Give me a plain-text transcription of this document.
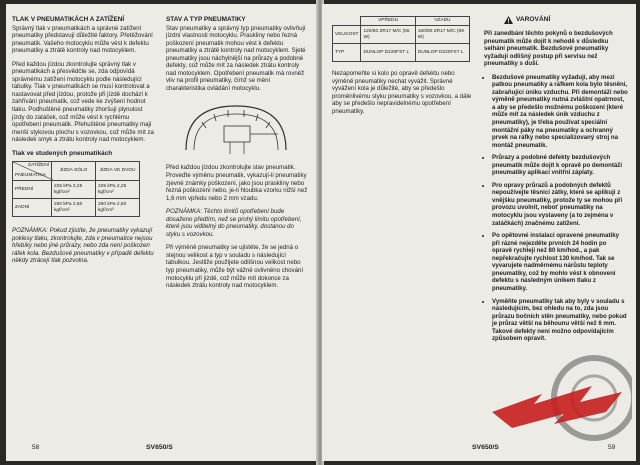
TLAK V PNEUMATIKÁCH A ZATÍŽENÍ

Správný tlak v pneumatikách a správné zatížení pneumatiky představují důležité faktory. Přetěžování pneumatik. Vašeho motocyklu může vést k defektu pneumatiky a ztrátě kontroly nad motocyklem.

Před každou jízdou zkontrolujte správný tlak v pneumatikách a přesvědčte se, zda odpovídá správnému zatížení motocyklu podle následující tabulky. Tlak v pneumatikách se musí kontrolovat a nastavovat před jízdou, protože při jízdě dochází k zahřívání pneumatik, což vede ke zvýšení hodnot tlaku. Podhuštěné pneumatiky zhoršují plynulost jízdy do zatáček, což může vést k rychlému opotřebení pneumatik. Přehuštěné pneumatiky mají menší stykovou plochu s vozovkou, což může mít za následek smyk a ztrátu kontroly nad motocyklem.

Tlak ve studených pneumatikách
ZATÍŽENÍ
PNEUMATIKA	JÍZDA SÓLO	JÍZDA VE DVOU
PŘEDNÍ	225 kPa 2,25 kgf/cm²	225 kPa 2,25 kgf/cm²
ZADNÍ	250 kPa 2,50 kgf/cm²	250 kPa 2,50 kgf/cm²

POZNÁMKA: Pokud zjistíte, že pneumatiky vykazují poklesy tlaku, zkontrolujte, zda v pneumatice nejsou hřebíky nebo jiné průrazy, nebo zda není poškozen ráfek kola. Bezdušové pneumatiky v případě defektu někdy ztrácejí tlak pozvolna.

STAV A TYP PNEUMATIKY

Stav pneumatiky a správný typ pneumatiky ovlivňují jízdní vlastnosti motocyklu. Praskliny nebo řezná poškození pneumatik mohou vést k defektu pneumatiky a ztrátě kontroly nad motocyklem. Sjeté pneumatiky jsou náchylnější na průrazy a podobné defekty, což může mít za následek ztrátu kontroly nad motocyklem. Opotřebení pneumatik má rovněž vliv na profil pneumatiky, čímž se mění charakteristika ovládání motocyklu.

Před každou jízdou zkontrolujte stav pneumatik. Proveďte výměnu pneumatik, vykazují-li pneumatiky zjevné známky poškození, jako jsou praskliny nebo řezná poškození nebo, je-li hloubka vzorku nižší než 1,6 mm vpředu nebo 2 mm vzadu.

POZNÁMKA: Těchto limitů opotřebení bude dosaženo předtím, než se prohý limitu opotřebení, které jsou viditelný do pneumatiky, dostanou do styku s vozovkou.

Při výměně pneumatiky se ujistěte, že se jedná o stejnou velikost a typ v souladu s následující tabulkou. Jestliže použijete odlišnou velikost nebo typ pneumatiky, může být vážně ovlivněno chování motocyklu při jízdě, což může mít dokonce za následek ztrátu kontroly nad motocyklem.

58	SV650/S
	VPŘEDU	VZADU
VELIKOST	120/60 ZR17 M/C (55 W)	160/60 ZR17 M/C (69 W)
TYP	DUNLOP D220FST L	DUNLOP D220FST L

Nezapomeňte si kolo po opravě defektu nebo výměně pneumatiky nechat vyvážit. Správné vyvážení kola je důležité, aby se předešlo proměnlivému styku pneumatiky s vozovkou, a dále aby se předešlo nepravidelnému opotřebení pneumatiky.

VAROVÁNÍ

Při zanedbání těchto pokynů o bezdušových pneumatik může dojít k nehodě v důsledku selhání pneumatik. Bezdušové pneumatiky vyžadují odlišný postup při servisu než pneumatiky s duší.

• Bezdušové pneumatiky vyžadují, aby mezi patkou pneumatiky a ráfkem kola bylo těsnění, zabraňující úniku vzduchu. Při demontáži nebo výměně pneumatiky nutná zvláštní opatrnost, a aby se předešlo možnému poškození (které může mít za následek únik vzduchu z pneumatiky), je třeba používat speciální montážní páky na pneumatiky a ochranný prvek na ráfky nebo specializovaný stroj na montáž pneumatik.
• Průrazy a podobné defekty bezdušových pneumatik může dojít k opravě po demontáži pneumatiky aplikací vnitřní záplaty.
• Pro opravy průrazů a podobných defektů nepoužívejte těsnicí zátky, které se aplikují z vnějšku pneumatiky, protože ty se mohou při provozu uvolnit, neboť pneumatiky na motocyklu jsou vystaveny (a to zejména v zatáčkách) značnému zatížení.
• Po opětovné instalaci opravené pneumatiky při rázné nejezděte prvních 24 hodin po opravě rychleji než 80 km/hod., a pak nepřekračujte rychlost 130 km/hod. Tak se vyvarujete nadměrnému nárůstu teploty pneumatiky, což by mohlo vést k obnovení defektu s následným únikem tlaku z pneumatiky.
• Vyměňte pneumatiky tak aby byly v souladu s následujícím, bez ohledu na to, zda jsou průrazu bočních stěn pneumatiky, nebo pokud je průraz větší na běhounu větší než 6 mm. Takové defekty není možno odpovídajícím způsobem opravit.
SV650/S	59
